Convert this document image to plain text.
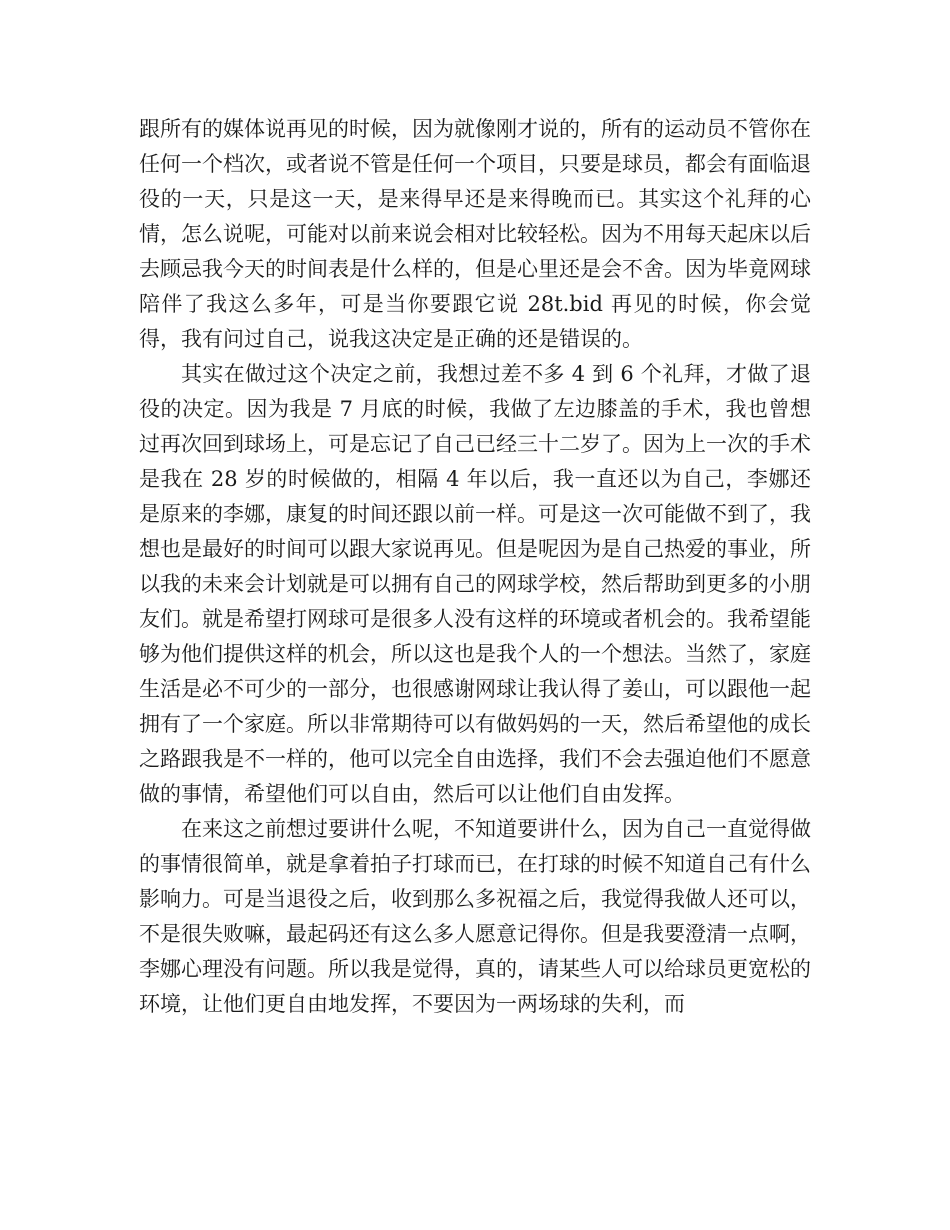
跟所有的媒体说再见的时候，因为就像刚才说的，所有的运动员不管你在任何一个档次，或者说不管是任何一个项目，只要是球员，都会有面临退役的一天，只是这一天，是来得早还是来得晚而已。其实这个礼拜的心情，怎么说呢，可能对以前来说会相对比较轻松。因为不用每天起床以后去顾忌我今天的时间表是什么样的，但是心里还是会不舍。因为毕竟网球陪伴了我这么多年，可是当你要跟它说 28t.bid 再见的时候，你会觉得，我有问过自己，说我这决定是正确的还是错误的。

其实在做过这个决定之前，我想过差不多 4 到 6 个礼拜，才做了退役的决定。因为我是 7 月底的时候，我做了左边膝盖的手术，我也曾想过再次回到球场上，可是忘记了自己已经三十二岁了。因为上一次的手术是我在 28 岁的时候做的，相隔 4 年以后，我一直还以为自己，李娜还是原来的李娜，康复的时间还跟以前一样。可是这一次可能做不到了，我想也是最好的时间可以跟大家说再见。但是呢因为是自己热爱的事业，所以我的未来会计划就是可以拥有自己的网球学校，然后帮助到更多的小朋友们。就是希望打网球可是很多人没有这样的环境或者机会的。我希望能够为他们提供这样的机会，所以这也是我个人的一个想法。当然了，家庭生活是必不可少的一部分，也很感谢网球让我认得了姜山，可以跟他一起拥有了一个家庭。所以非常期待可以有做妈妈的一天，然后希望他的成长之路跟我是不一样的，他可以完全自由选择，我们不会去强迫他们不愿意做的事情，希望他们可以自由，然后可以让他们自由发挥。

在来这之前想过要讲什么呢，不知道要讲什么，因为自己一直觉得做的事情很简单，就是拿着拍子打球而已，在打球的时候不知道自己有什么影响力。可是当退役之后，收到那么多祝福之后，我觉得我做人还可以，不是很失败嘛，最起码还有这么多人愿意记得你。但是我要澄清一点啊，李娜心理没有问题。所以我是觉得，真的，请某些人可以给球员更宽松的环境，让他们更自由地发挥，不要因为一两场球的失利，而
